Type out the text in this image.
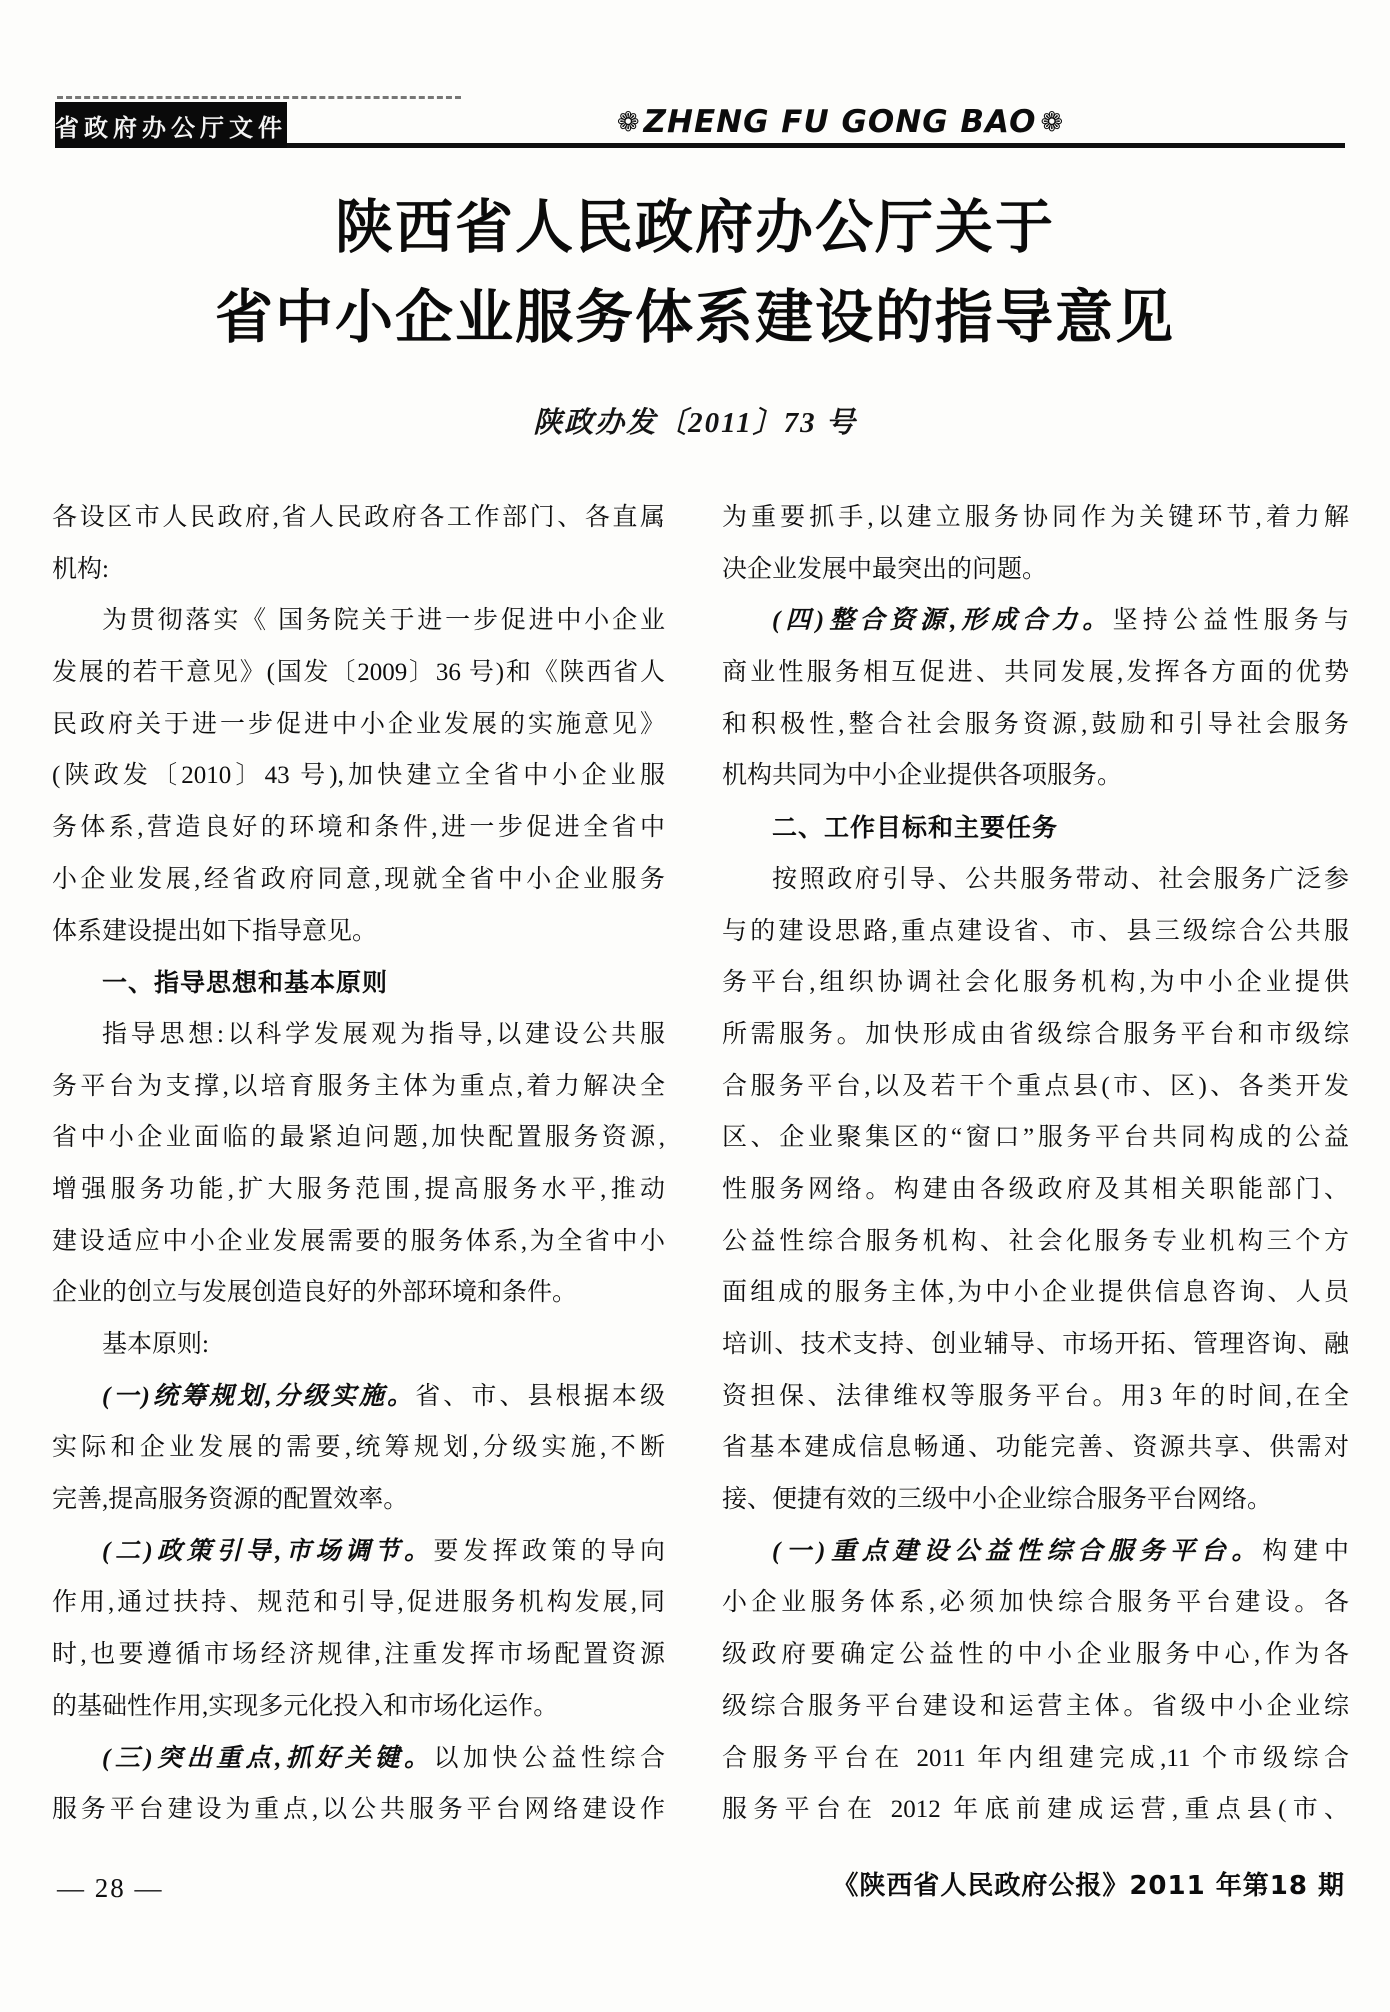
省政府办公厅文件	❁ ZHENG FU GONG BAO ❁
陕西省人民政府办公厅关于
省中小企业服务体系建设的指导意见
陕政办发〔2011〕73 号
各设区市人民政府,省人民政府各工作部门、各直属
机构:
为贯彻落实《 国务院关于进一步促进中小企业
发展的若干意见》(国发〔2009〕36 号)和《陕西省人
民政府关于进一步促进中小企业发展的实施意见》
(陕政发〔2010〕43 号),加快建立全省中小企业服
务体系,营造良好的环境和条件,进一步促进全省中
小企业发展,经省政府同意,现就全省中小企业服务
体系建设提出如下指导意见。
一、指导思想和基本原则
指导思想:以科学发展观为指导,以建设公共服
务平台为支撑,以培育服务主体为重点,着力解决全
省中小企业面临的最紧迫问题,加快配置服务资源,
增强服务功能,扩大服务范围,提高服务水平,推动
建设适应中小企业发展需要的服务体系,为全省中小
企业的创立与发展创造良好的外部环境和条件。
基本原则:
(一)统筹规划,分级实施。省、市、县根据本级
实际和企业发展的需要,统筹规划,分级实施,不断
完善,提高服务资源的配置效率。
(二)政策引导,市场调节。要发挥政策的导向
作用,通过扶持、规范和引导,促进服务机构发展,同
时,也要遵循市场经济规律,注重发挥市场配置资源
的基础性作用,实现多元化投入和市场化运作。
(三)突出重点,抓好关键。以加快公益性综合
服务平台建设为重点,以公共服务平台网络建设作
为重要抓手,以建立服务协同作为关键环节,着力解
决企业发展中最突出的问题。
(四)整合资源,形成合力。坚持公益性服务与
商业性服务相互促进、共同发展,发挥各方面的优势
和积极性,整合社会服务资源,鼓励和引导社会服务
机构共同为中小企业提供各项服务。
二、工作目标和主要任务
按照政府引导、公共服务带动、社会服务广泛参
与的建设思路,重点建设省、市、县三级综合公共服
务平台,组织协调社会化服务机构,为中小企业提供
所需服务。加快形成由省级综合服务平台和市级综
合服务平台,以及若干个重点县(市、区)、各类开发
区、企业聚集区的“窗口”服务平台共同构成的公益
性服务网络。构建由各级政府及其相关职能部门、
公益性综合服务机构、社会化服务专业机构三个方
面组成的服务主体,为中小企业提供信息咨询、人员
培训、技术支持、创业辅导、市场开拓、管理咨询、融
资担保、法律维权等服务平台。用3 年的时间,在全
省基本建成信息畅通、功能完善、资源共享、供需对
接、便捷有效的三级中小企业综合服务平台网络。
(一)重点建设公益性综合服务平台。构建中
小企业服务体系,必须加快综合服务平台建设。各
级政府要确定公益性的中小企业服务中心,作为各
级综合服务平台建设和运营主体。省级中小企业综
合服务平台在 2011 年内组建完成,11 个市级综合
服务平台在 2012 年底前建成运营,重点县(市、
— 28 —	《陕西省人民政府公报》2011 年第18 期
